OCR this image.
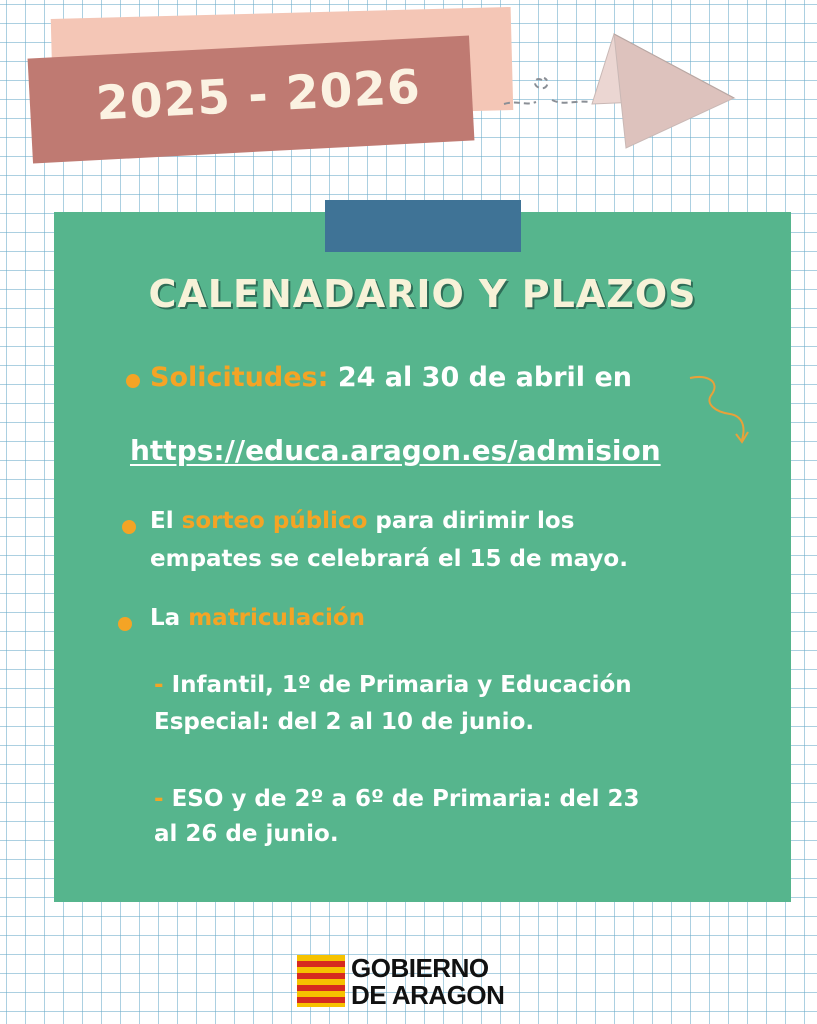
2025 - 2026
CALENADARIO Y PLAZOS
Solicitudes: 24 al 30 de abril en
https://educa.aragon.es/admision
El sorteo público para dirimir los
empates se celebrará el 15 de mayo.
La matriculación
- Infantil, 1º de Primaria y Educación
Especial: del 2 al 10 de junio.
- ESO y de 2º a 6º de Primaria: del 23
al 26 de junio.
GOBIERNO
DE ARAGON
